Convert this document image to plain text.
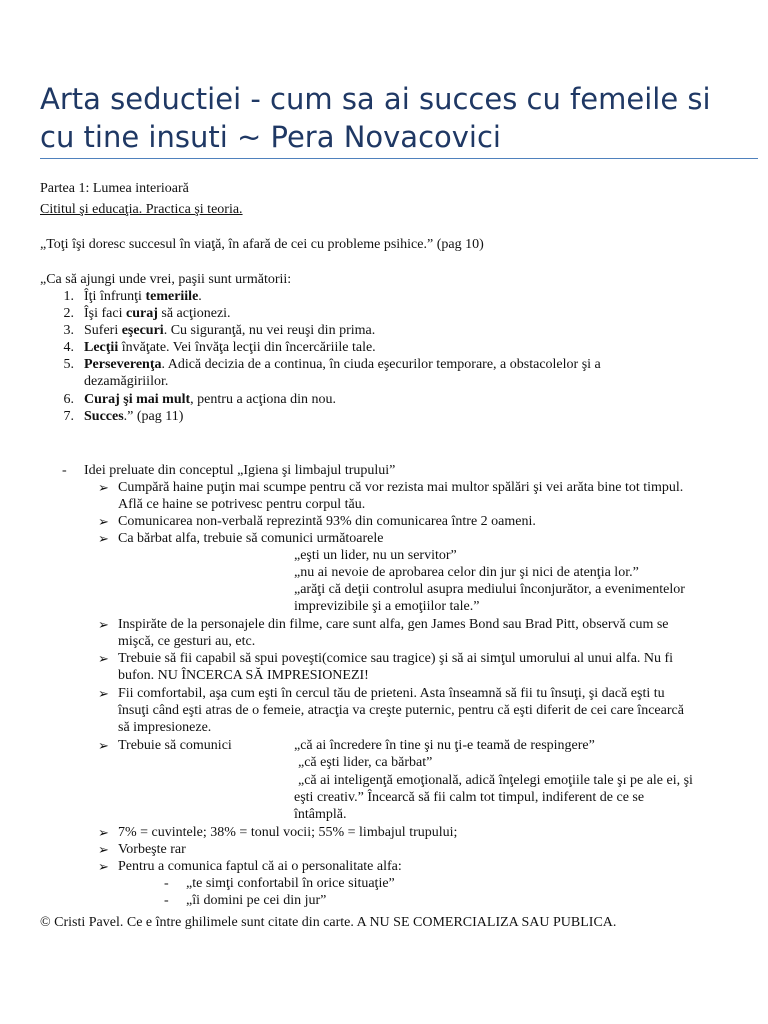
Arta seductiei - cum sa ai succes cu femeile si cu tine insuti ~ Pera Novacovici
Partea 1: Lumea interioară
Cititul şi educaţia. Practica şi teoria.
„Toţi îşi doresc succesul în viaţă, în afară de cei cu probleme psihice.” (pag 10)
„Ca să ajungi unde vrei, paşii sunt următorii:
1. Îţi înfrunţi temeriile.
2. Îşi faci curaj să acţionezi.
3. Suferi eşecuri. Cu siguranţă, nu vei reuşi din prima.
4. Lecţii învăţate. Vei învăţa lecţii din încercăriile tale.
5. Perseverenţa. Adică decizia de a continua, în ciuda eşecurilor temporare, a obstacolelor şi a
dezamăgiriilor.
6. Curaj şi mai mult, pentru a acţiona din nou.
7. Succes.” (pag 11)
- Idei preluate din conceptul „Igiena şi limbajul trupului”
➢ Cumpără haine puţin mai scumpe pentru că vor rezista mai multor spălări şi vei arăta bine tot timpul.
Află ce haine se potrivesc pentru corpul tău.
➢ Comunicarea non-verbală reprezintă 93% din comunicarea între 2 oameni.
➢ Ca bărbat alfa, trebuie să comunici următoarele
„eşti un lider, nu un servitor”
„nu ai nevoie de aprobarea celor din jur şi nici de atenţia lor.”
„arăţi că deţii controlul asupra mediului înconjurător, a evenimentelor
imprevizibile şi a emoţiilor tale.”
➢ Inspirăte de la personajele din filme, care sunt alfa, gen James Bond sau Brad Pitt, observă cum se
mişcă, ce gesturi au, etc.
➢ Trebuie să fii capabil să spui poveşti(comice sau tragice) şi să ai simţul umorului al unui alfa. Nu fi
bufon. NU ÎNCERCA SĂ IMPRESIONEZI!
➢ Fii comfortabil, aşa cum eşti în cercul tău de prieteni. Asta înseamnă să fii tu însuţi, şi dacă eşti tu
însuţi când eşti atras de o femeie, atracţia va creşte puternic, pentru că eşti diferit de cei care încearcă
să impresioneze.
➢ Trebuie să comunici	„că ai încredere în tine şi nu ţi-e teamă de respingere”
„că eşti lider, ca bărbat”
„că ai inteligenţă emoţională, adică înţelegi emoţiile tale şi pe ale ei, şi
eşti creativ.” Încearcă să fii calm tot timpul, indiferent de ce se
întâmplă.
➢ 7% = cuvintele; 38% = tonul vocii; 55% = limbajul trupului;
➢ Vorbeşte rar
➢ Pentru a comunica faptul că ai o personalitate alfa:
- „te simţi confortabil în orice situaţie”
- „îi domini pe cei din jur”
© Cristi Pavel. Ce e între ghilimele sunt citate din carte. A NU SE COMERCIALIZA SAU PUBLICA.
